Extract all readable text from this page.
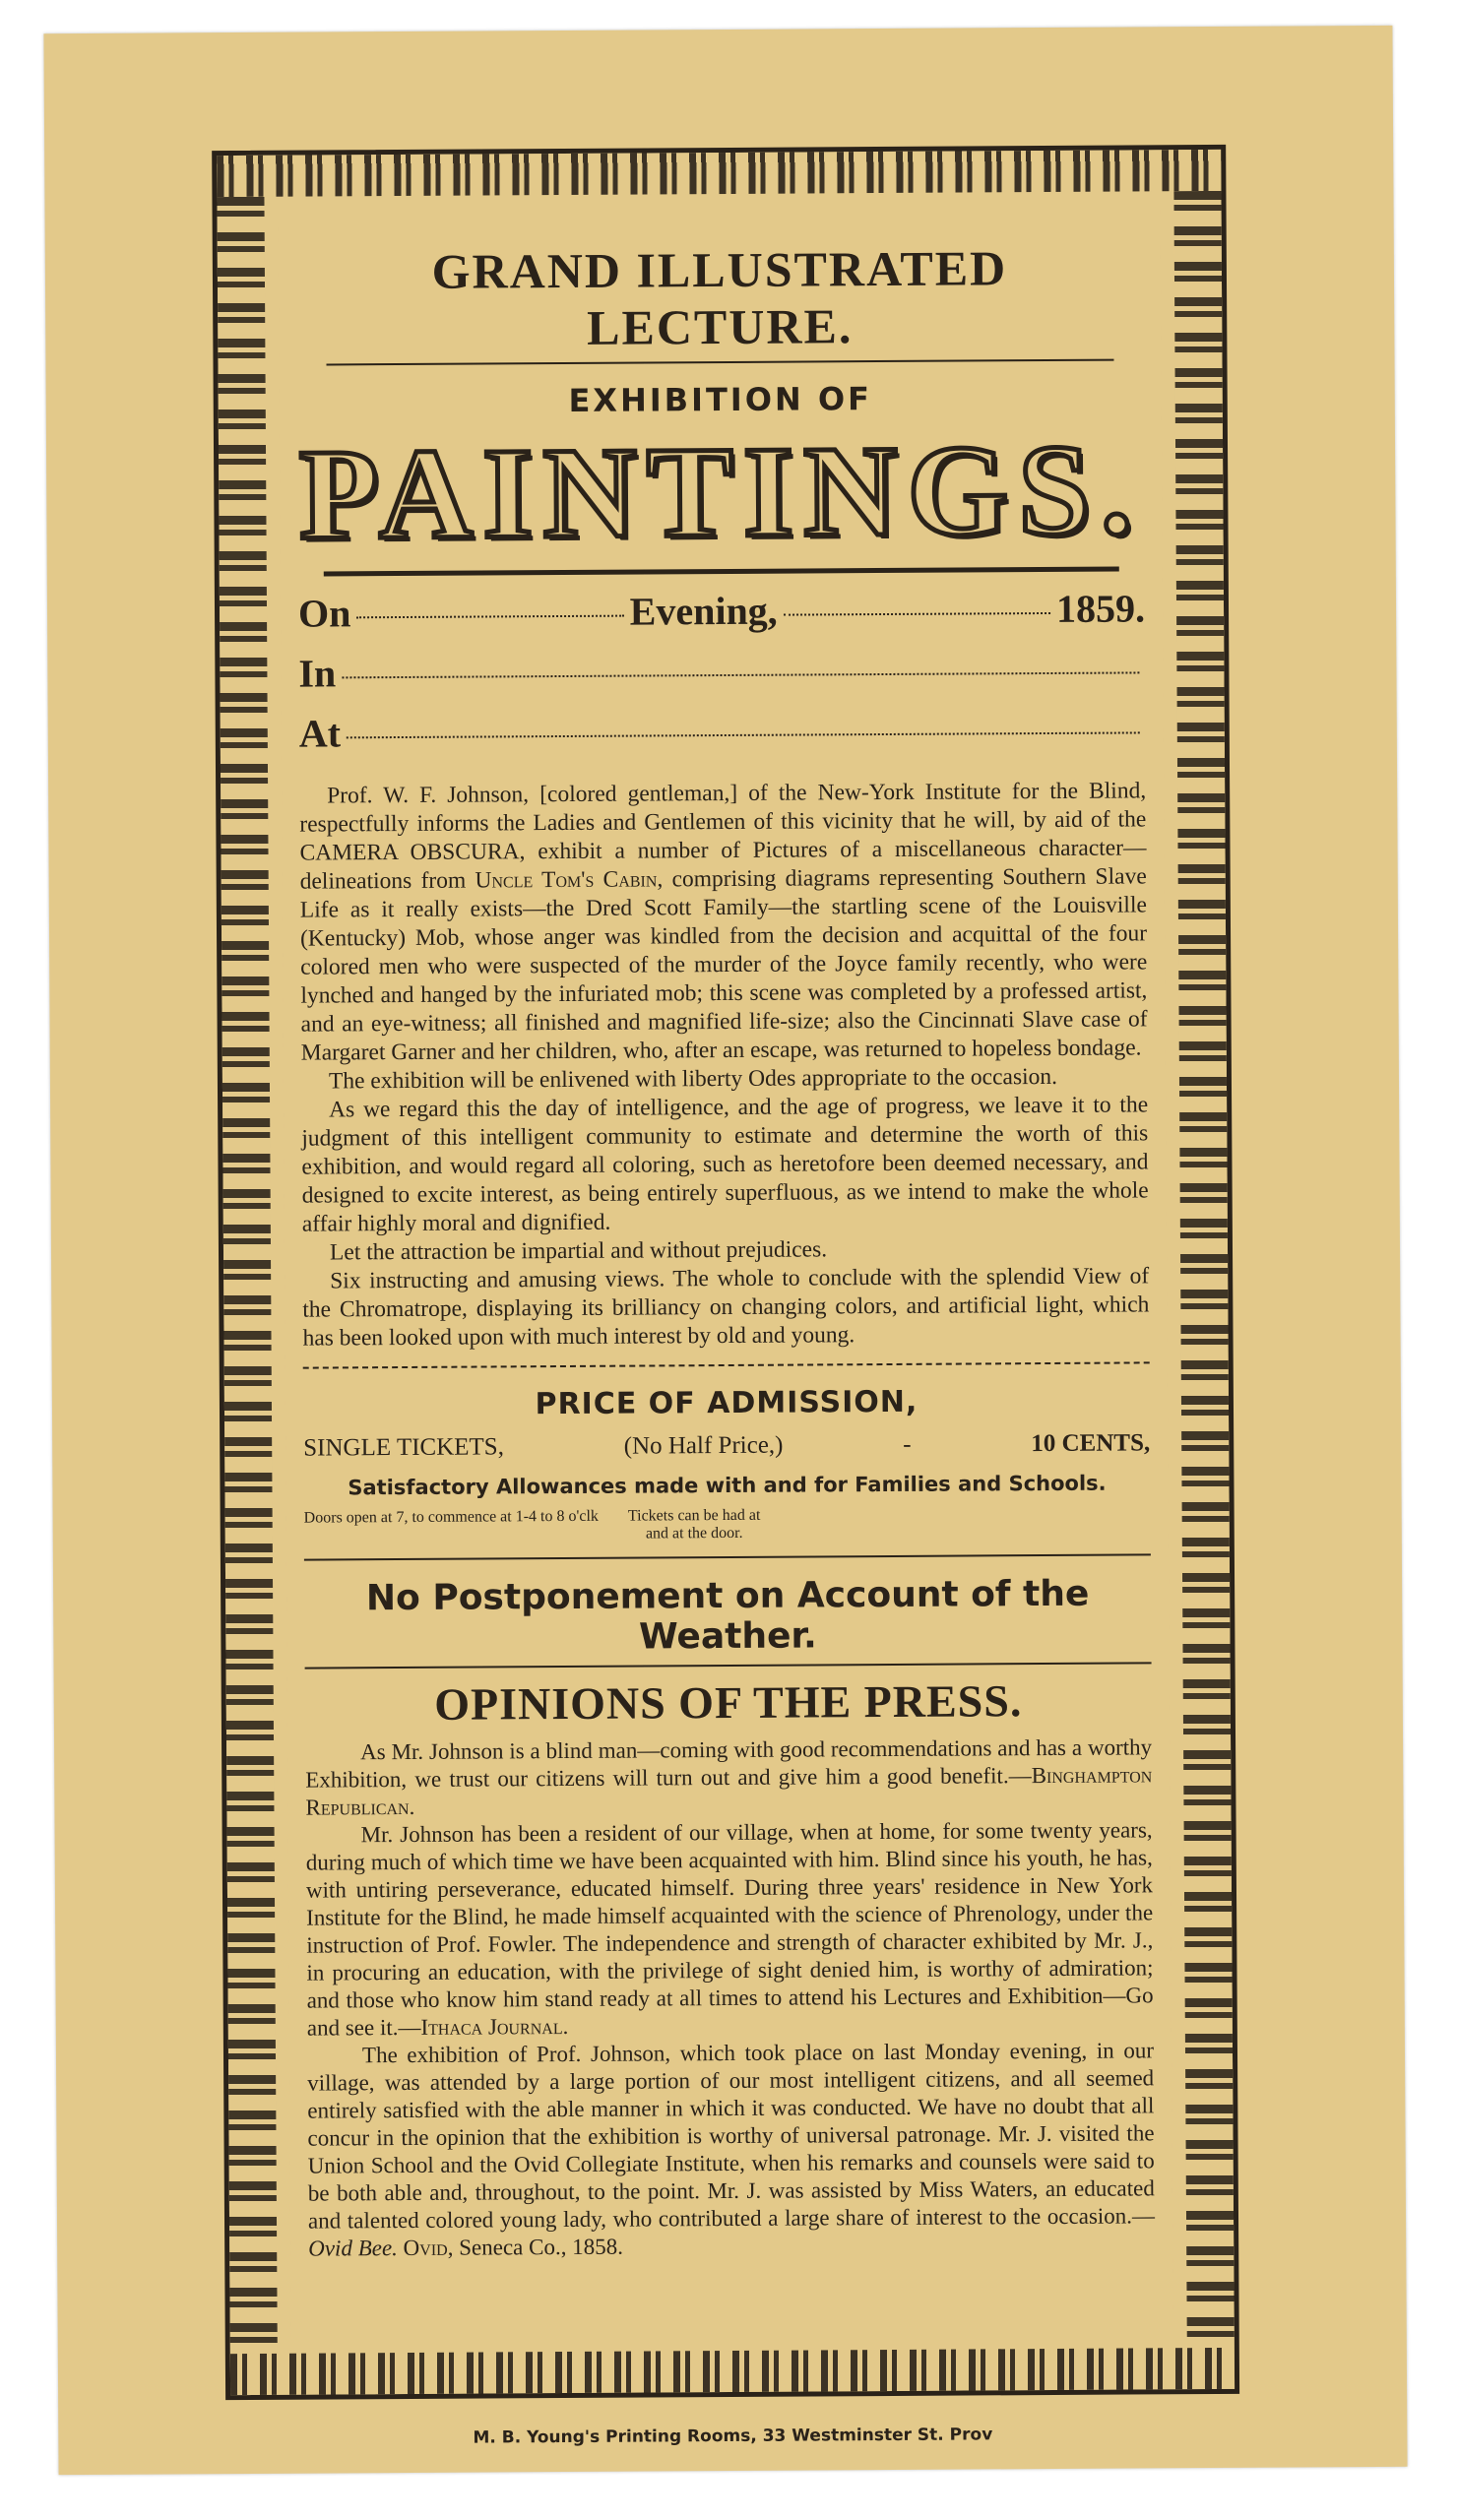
GRAND ILLUSTRATED LECTURE.
EXHIBITION OF
PAINTINGS.
On	Evening,	1859.
In
At

Prof. W. F. Johnson, [colored gentleman,] of the New-York Institute for the Blind, respectfully informs the Ladies and Gentlemen of this vicinity that he will, by aid of the CAMERA OBSCURA, exhibit a number of Pictures of a miscellaneous character—delineations from Uncle Tom's Cabin, comprising diagrams representing Southern Slave Life as it really exists—the Dred Scott Family—the startling scene of the Louisville (Kentucky) Mob, whose anger was kindled from the decision and acquittal of the four colored men who were suspected of the murder of the Joyce family recently, who were lynched and hanged by the infuriated mob; this scene was completed by a professed artist, and an eye-witness; all finished and magnified life-size; also the Cincinnati Slave case of Margaret Garner and her children, who, after an escape, was returned to hopeless bondage.

The exhibition will be enlivened with liberty Odes appropriate to the occasion.

As we regard this the day of intelligence, and the age of progress, we leave it to the judgment of this intelligent community to estimate and determine the worth of this exhibition, and would regard all coloring, such as heretofore been deemed necessary, and designed to excite interest, as being entirely superfluous, as we intend to make the whole affair highly moral and dignified.

Let the attraction be impartial and without prejudices.

Six instructing and amusing views. The whole to conclude with the splendid View of the Chromatrope, displaying its brilliancy on changing colors, and artificial light, which has been looked upon with much interest by old and young.

PRICE OF ADMISSION,
SINGLE TICKETS,	(No Half Price,)	-	10 CENTS,
Satisfactory Allowances made with and for Families and Schools.
Doors open at 7, to commence at 1-4 to 8 o'clk Tickets can be had at
and at the door.
No Postponement on Account of the Weather.
OPINIONS OF THE PRESS.

As Mr. Johnson is a blind man—coming with good recommendations and has a worthy Exhibition, we trust our citizens will turn out and give him a good benefit.—Binghampton Republican.

Mr. Johnson has been a resident of our village, when at home, for some twenty years, during much of which time we have been acquainted with him. Blind since his youth, he has, with untiring perseverance, educated himself. During three years' residence in New York Institute for the Blind, he made himself acquainted with the science of Phrenology, under the instruction of Prof. Fowler. The independence and strength of character exhibited by Mr. J., in procuring an education, with the privilege of sight denied him, is worthy of admiration; and those who know him stand ready at all times to attend his Lectures and Exhibition—Go and see it.—Ithaca Journal.

The exhibition of Prof. Johnson, which took place on last Monday evening, in our village, was attended by a large portion of our most intelligent citizens, and all seemed entirely satisfied with the able manner in which it was conducted. We have no doubt that all concur in the opinion that the exhibition is worthy of universal patronage. Mr. J. visited the Union School and the Ovid Collegiate Institute, when his remarks and counsels were said to be both able and, throughout, to the point. Mr. J. was assisted by Miss Waters, an educated and talented colored young lady, who contributed a large share of interest to the occasion.—Ovid Bee. Ovid, Seneca Co., 1858.

M. B. Young's Printing Rooms, 33 Westminster St. Prov
